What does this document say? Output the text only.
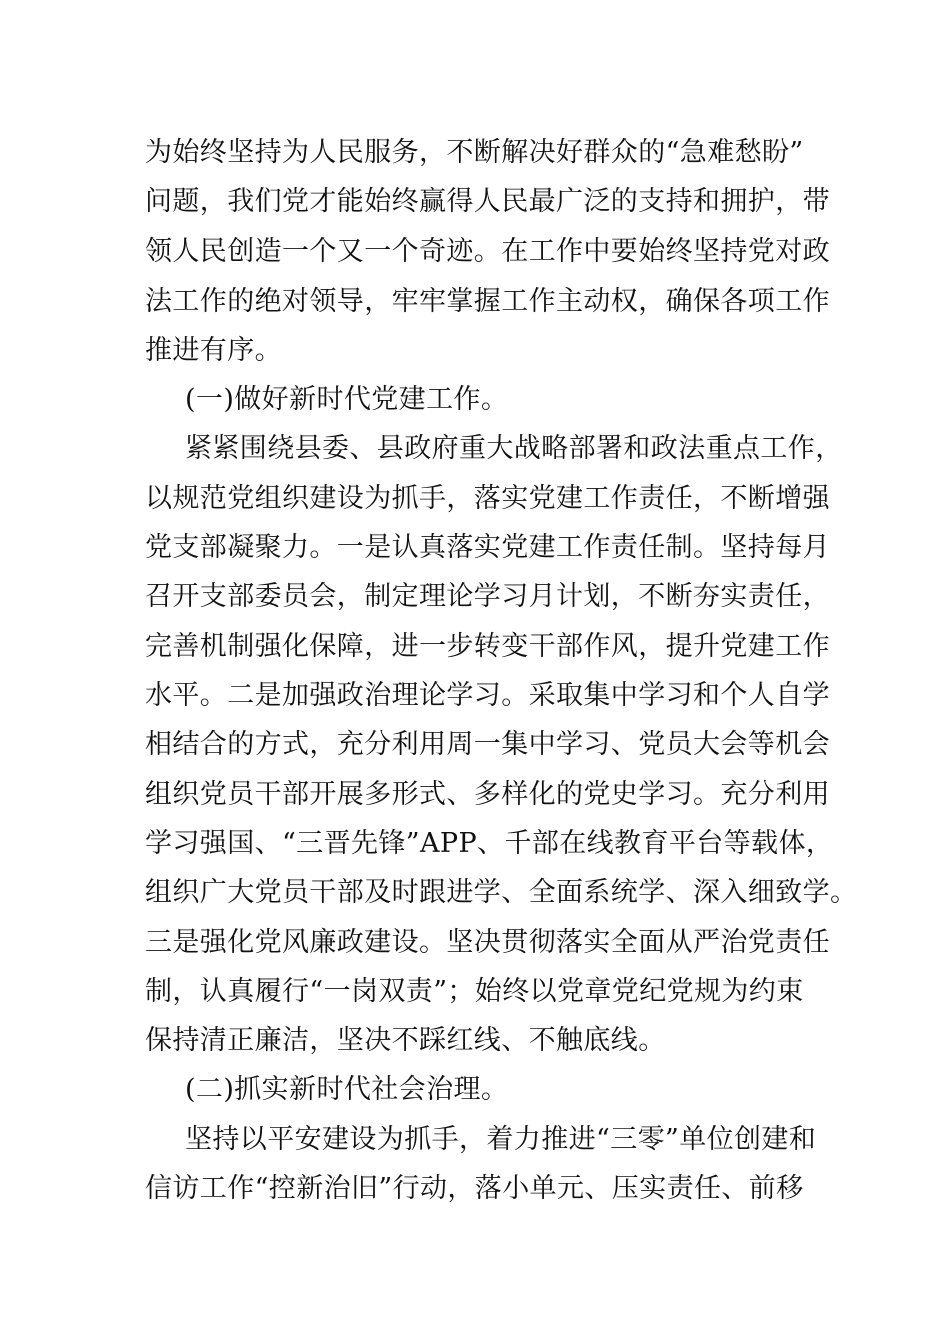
为始终坚持为人民服务，不断解决好群众的“急难愁盼”
问题，我们党才能始终赢得人民最广泛的支持和拥护，带
领人民创造一个又一个奇迹。在工作中要始终坚持党对政
法工作的绝对领导，牢牢掌握工作主动权，确保各项工作
推进有序。
(一)做好新时代党建工作。
紧紧围绕县委、县政府重大战略部署和政法重点工作，
以规范党组织建设为抓手，落实党建工作责任，不断增强
党支部凝聚力。一是认真落实党建工作责任制。坚持每月
召开支部委员会，制定理论学习月计划，不断夯实责任，
完善机制强化保障，进一步转变干部作风，提升党建工作
水平。二是加强政治理论学习。采取集中学习和个人自学
相结合的方式，充分利用周一集中学习、党员大会等机会
组织党员干部开展多形式、多样化的党史学习。充分利用
学习强国、“三晋先锋”APP、千部在线教育平台等载体，
组织广大党员干部及时跟进学、全面系统学、深入细致学。
三是强化党风廉政建设。坚决贯彻落实全面从严治党责任
制，认真履行“一岗双责”；始终以党章党纪党规为约束
保持清正廉洁，坚决不踩红线、不触底线。
(二)抓实新时代社会治理。
坚持以平安建设为抓手，着力推进“三零”单位创建和
信访工作“控新治旧”行动，落小单元、压实责任、前移
